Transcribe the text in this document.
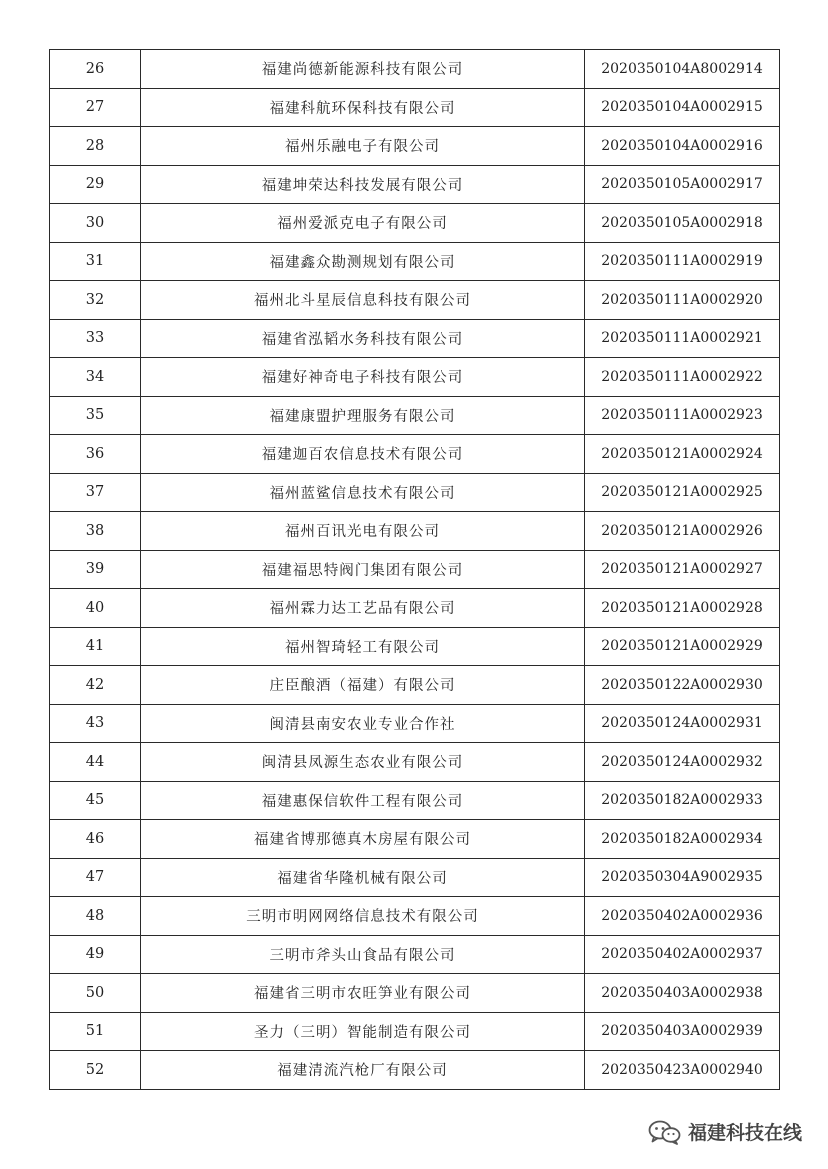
26	福建尚德新能源科技有限公司	2020350104A8002914
27	福建科航环保科技有限公司	2020350104A0002915
28	福州乐融电子有限公司	2020350104A0002916
29	福建坤荣达科技发展有限公司	2020350105A0002917
30	福州爱派克电子有限公司	2020350105A0002918
31	福建鑫众勘测规划有限公司	2020350111A0002919
32	福州北斗星辰信息科技有限公司	2020350111A0002920
33	福建省泓韬水务科技有限公司	2020350111A0002921
34	福建好神奇电子科技有限公司	2020350111A0002922
35	福建康盟护理服务有限公司	2020350111A0002923
36	福建迦百农信息技术有限公司	2020350121A0002924
37	福州蓝鲨信息技术有限公司	2020350121A0002925
38	福州百讯光电有限公司	2020350121A0002926
39	福建福思特阀门集团有限公司	2020350121A0002927
40	福州霖力达工艺品有限公司	2020350121A0002928
41	福州智琦轻工有限公司	2020350121A0002929
42	庄臣酿酒（福建）有限公司	2020350122A0002930
43	闽清县南安农业专业合作社	2020350124A0002931
44	闽清县凤源生态农业有限公司	2020350124A0002932
45	福建惠保信软件工程有限公司	2020350182A0002933
46	福建省博那德真木房屋有限公司	2020350182A0002934
47	福建省华隆机械有限公司	2020350304A9002935
48	三明市明网网络信息技术有限公司	2020350402A0002936
49	三明市斧头山食品有限公司	2020350402A0002937
50	福建省三明市农旺笋业有限公司	2020350403A0002938
51	圣力（三明）智能制造有限公司	2020350403A0002939
52	福建清流汽枪厂有限公司	2020350423A0002940
福建科技在线
